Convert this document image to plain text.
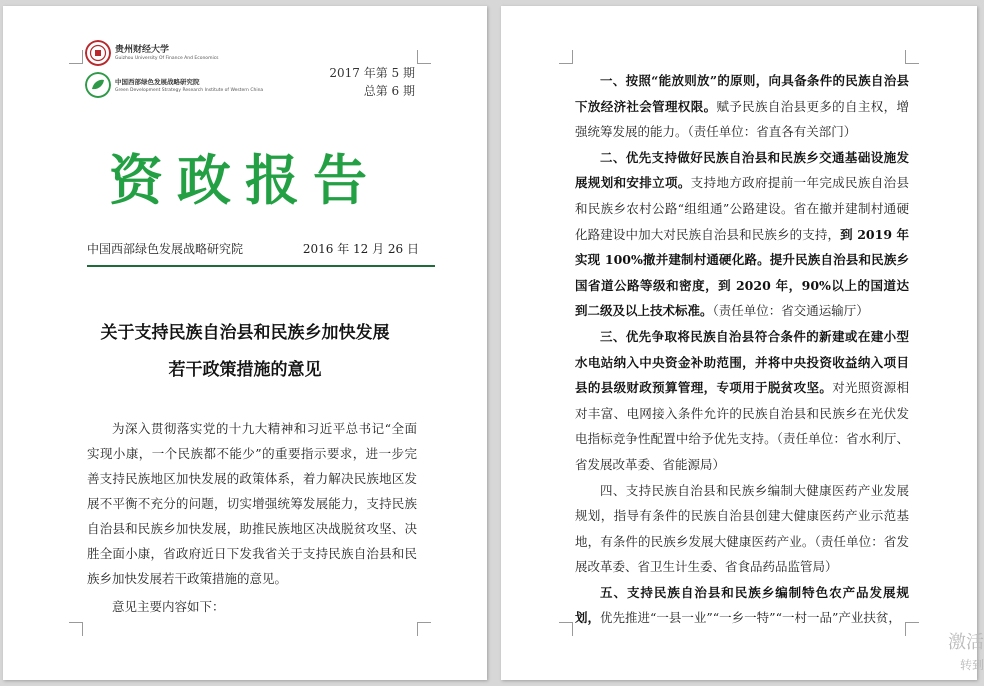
贵州财经大学
Guizhou University Of Finance And Economics
中国西部绿色发展战略研究院
Green Development Strategy Research Institute of Western China
2017 年第 5 期
总第 6 期
资政报告
中国西部绿色发展战略研究院	2016 年 12 月 26 日
关于支持民族自治县和民族乡加快发展
若干政策措施的意见
为深入贯彻落实党的十九大精神和习近平总书记“全面实现小康，一个民族都不能少”的重要指示要求，进一步完善支持民族地区加快发展的政策体系，着力解决民族地区发展不平衡不充分的问题，切实增强统筹发展能力，支持民族自治县和民族乡加快发展，助推民族地区决战脱贫攻坚、决胜全面小康，省政府近日下发我省关于支持民族自治县和民族乡加快发展若干政策措施的意见。
意见主要内容如下：

一、按照“能放则放”的原则，向具备条件的民族自治县下放经济社会管理权限。赋予民族自治县更多的自主权，增强统筹发展的能力。（责任单位：省直各有关部门）

二、优先支持做好民族自治县和民族乡交通基础设施发展规划和安排立项。支持地方政府提前一年完成民族自治县和民族乡农村公路“组组通”公路建设。省在撤并建制村通硬化路建设中加大对民族自治县和民族乡的支持，到 2019 年实现 100%撤并建制村通硬化路。提升民族自治县和民族乡国省道公路等级和密度，到 2020 年，90%以上的国道达到二级及以上技术标准。（责任单位：省交通运输厅）

三、优先争取将民族自治县符合条件的新建或在建小型水电站纳入中央资金补助范围，并将中央投资收益纳入项目县的县级财政预算管理，专项用于脱贫攻坚。对光照资源相对丰富、电网接入条件允许的民族自治县和民族乡在光伏发电指标竞争性配置中给予优先支持。（责任单位：省水利厅、省发展改革委、省能源局）

四、支持民族自治县和民族乡编制大健康医药产业发展规划，指导有条件的民族自治县创建大健康医药产业示范基地，有条件的民族乡发展大健康医药产业。（责任单位：省发展改革委、省卫生计生委、省食品药品监管局）

五、支持民族自治县和民族乡编制特色农产品发展规划，优先推进“一县一业”“一乡一特”“一村一品”产业扶贫，

激活
转到
